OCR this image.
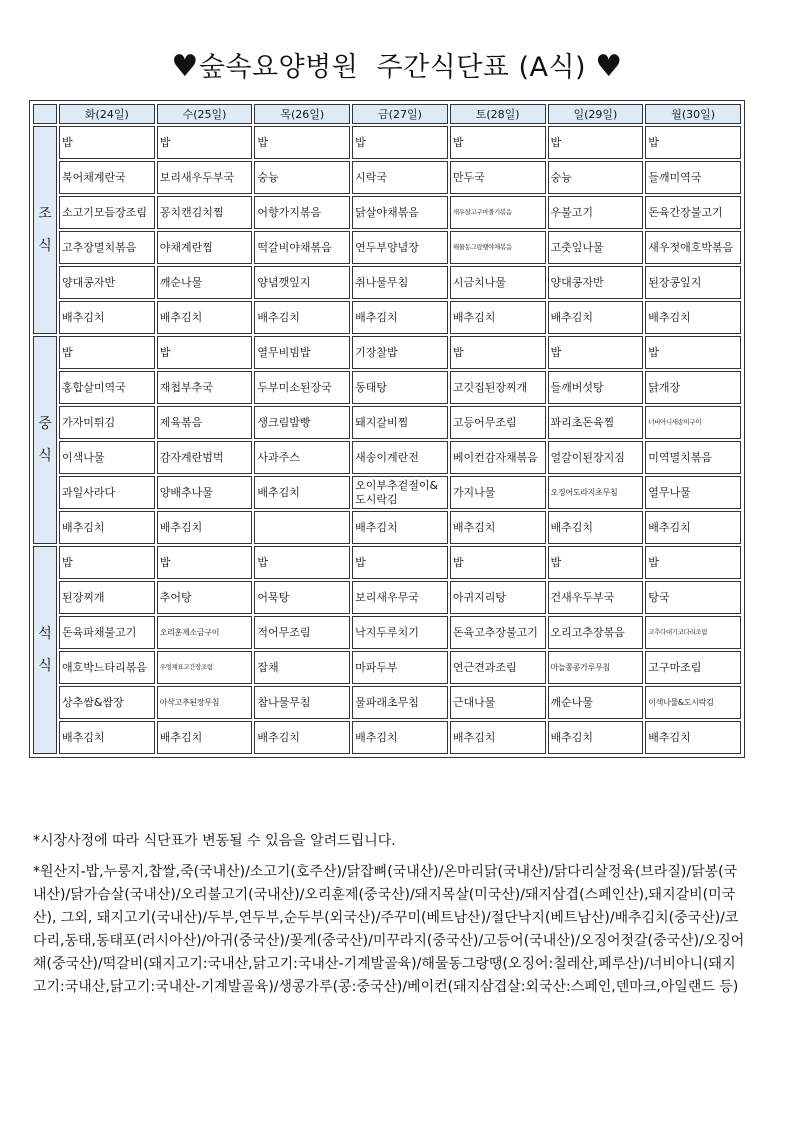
♥숲속요양병원  주간식단표 (A식) ♥
	화(24일)	수(25일)	목(26일)	금(27일)	토(28일)	일(29일)	월(30일)

조
식	밥	밥	밥	밥	밥	밥	밥
	북어채계란국	보리새우두부국	숭늉	시락국	만두국	숭늉	들깨미역국
	소고기모듬장조림	꽁치캔김치찜	어향가지볶음	닭살야채볶음	새우살고구마줄기볶음	우불고기	돈육간장불고기
	고추장멸치볶음	야채계란찜	떡갈비야채볶음	연두부양념장	해물동그랑땡야채볶음	고춧잎나물	새우젓애호박볶음
	양대콩자반	깨순나물	양념깻잎지	취나물무침	시금치나물	양대콩자반	된장콩잎지
	배추김치	배추김치	배추김치	배추김치	배추김치	배추김치	배추김치

중
식	밥	밥	열무비빔밥	기장찰밥	밥	밥	밥
	홍합살미역국	재첩부추국	두부미소된장국	동태탕	고깃집된장찌개	들깨버섯탕	닭개장
	가자미튀김	제육볶음	생크림밤빵	돼지갈비찜	고등어무조림	꽈리초돈육찜	너비아니새송이구이
	이색나물	감자계란범벅	사과주스	새송이계란전	베이컨감자채볶음	얼갈이된장지짐	미역멸치볶음
	과일사라다	양배추나물	배추김치	오이부추겉절이&도시락김	가지나물	오징어도라지초무침	열무나물
	배추김치	배추김치		배추김치	배추김치	배추김치	배추김치

석
식	밥	밥	밥	밥	밥	밥	밥
	된장찌개	추어탕	어묵탕	보리새우무국	아귀지리탕	건새우두부국	탕국
	돈육파채불고기	오리훈제소금구이	적어무조림	낙지두루치기	돈육고추장불고기	오리고추장볶음	고추다대기코다리조림
	애호박느타리볶음	우엉채표고간장조림	잡채	마파두부	연근견과조림	마늘쫑콩가루무침	고구마조림
	상추쌈&쌈장	아삭고추된장무침	참나물무침	물파래초무침	근대나물	깨순나물	이색나물&도시락김
	배추김치	배추김치	배추김치	배추김치	배추김치	배추김치	배추김치

*시장사정에 따라 식단표가 변동될 수 있음을 알려드립니다.

*원산지-밥,누룽지,찹쌀,죽(국내산)/소고기(호주산)/닭잡뼈(국내산)/온마리닭(국내산)/닭다리살정육(브라질)/닭봉(국내산)/닭가슴살(국내산)/오리불고기(국내산)/오리훈제(중국산)/돼지목살(미국산)/돼지삼겹(스페인산),돼지갈비(미국산), 그외, 돼지고기(국내산)/두부,연두부,순두부(외국산)/주꾸미(베트남산)/절단낙지(베트남산)/배추김치(중국산)/코다리,동태,동태포(러시아산)/아귀(중국산)/꽃게(중국산)/미꾸라지(중국산)/고등어(국내산)/오징어젓갈(중국산)/오징어채(중국산)/떡갈비(돼지고기:국내산,닭고기:국내산-기계발골육)/해물동그랑땡(오징어:칠레산,페루산)/너비아니(돼지고기:국내산,닭고기:국내산-기계발골육)/생콩가루(콩:중국산)/베이컨(돼지삼겹살:외국산:스페인,덴마크,아일랜드 등)
